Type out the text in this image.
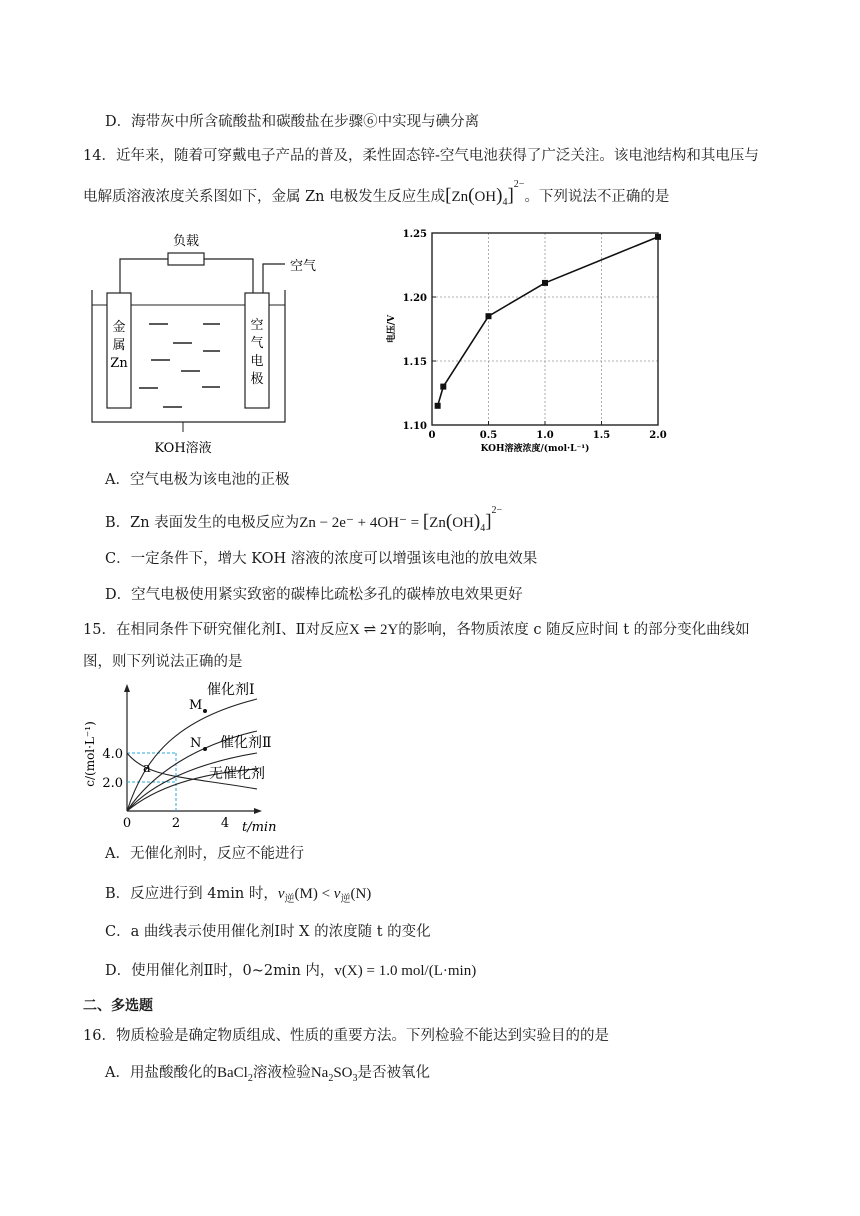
D．海带灰中所含硫酸盐和碳酸盐在步骤⑥中实现与碘分离
14．近年来，随着可穿戴电子产品的普及，柔性固态锌-空气电池获得了广泛关注。该电池结构和其电压与
电解质溶液浓度关系图如下，金属 Zn 电极发生反应生成$[Zn(OH)_4]^{2-}$。下列说法不正确的是
负载
空气
金
属
Zn
空
气
电
极
KOH溶液
1.10
1.15
1.20
1.25
0	0.5	1.0	1.5	2.0
KOH溶液浓度/(mol·L⁻¹)
电压/V
A．空气电极为该电池的正极
B．Zn 表面发生的电极反应为$Zn - 2e^- + 4OH^- = [Zn(OH)_4]^{2-}$
C．一定条件下，增大 KOH 溶液的浓度可以增强该电池的放电效果
D．空气电极使用紧实致密的碳棒比疏松多孔的碳棒放电效果更好
15．在相同条件下研究催化剂Ⅰ、Ⅱ对反应X ⇌ 2Y的影响，各物质浓度 c 随反应时间 t 的部分变化曲线如
图，则下列说法正确的是
2.0
4.0
0	2	4 t/min
c/(mol·L⁻¹)
M
N
催化剂Ⅰ
催化剂Ⅱ
无催化剂
a
A．无催化剂时，反应不能进行
B．反应进行到 4min 时，$v_逆(M) < v_逆(N)$
C．a 曲线表示使用催化剂Ⅰ时 X 的浓度随 t 的变化
D．使用催化剂Ⅱ时，0~2min 内，v(X) = 1.0 mol/(L·min)
二、多选题
16．物质检验是确定物质组成、性质的重要方法。下列检验不能达到实验目的的是
A．用盐酸酸化的BaCl$_2$溶液检验$Na_2SO_3$是否被氧化
